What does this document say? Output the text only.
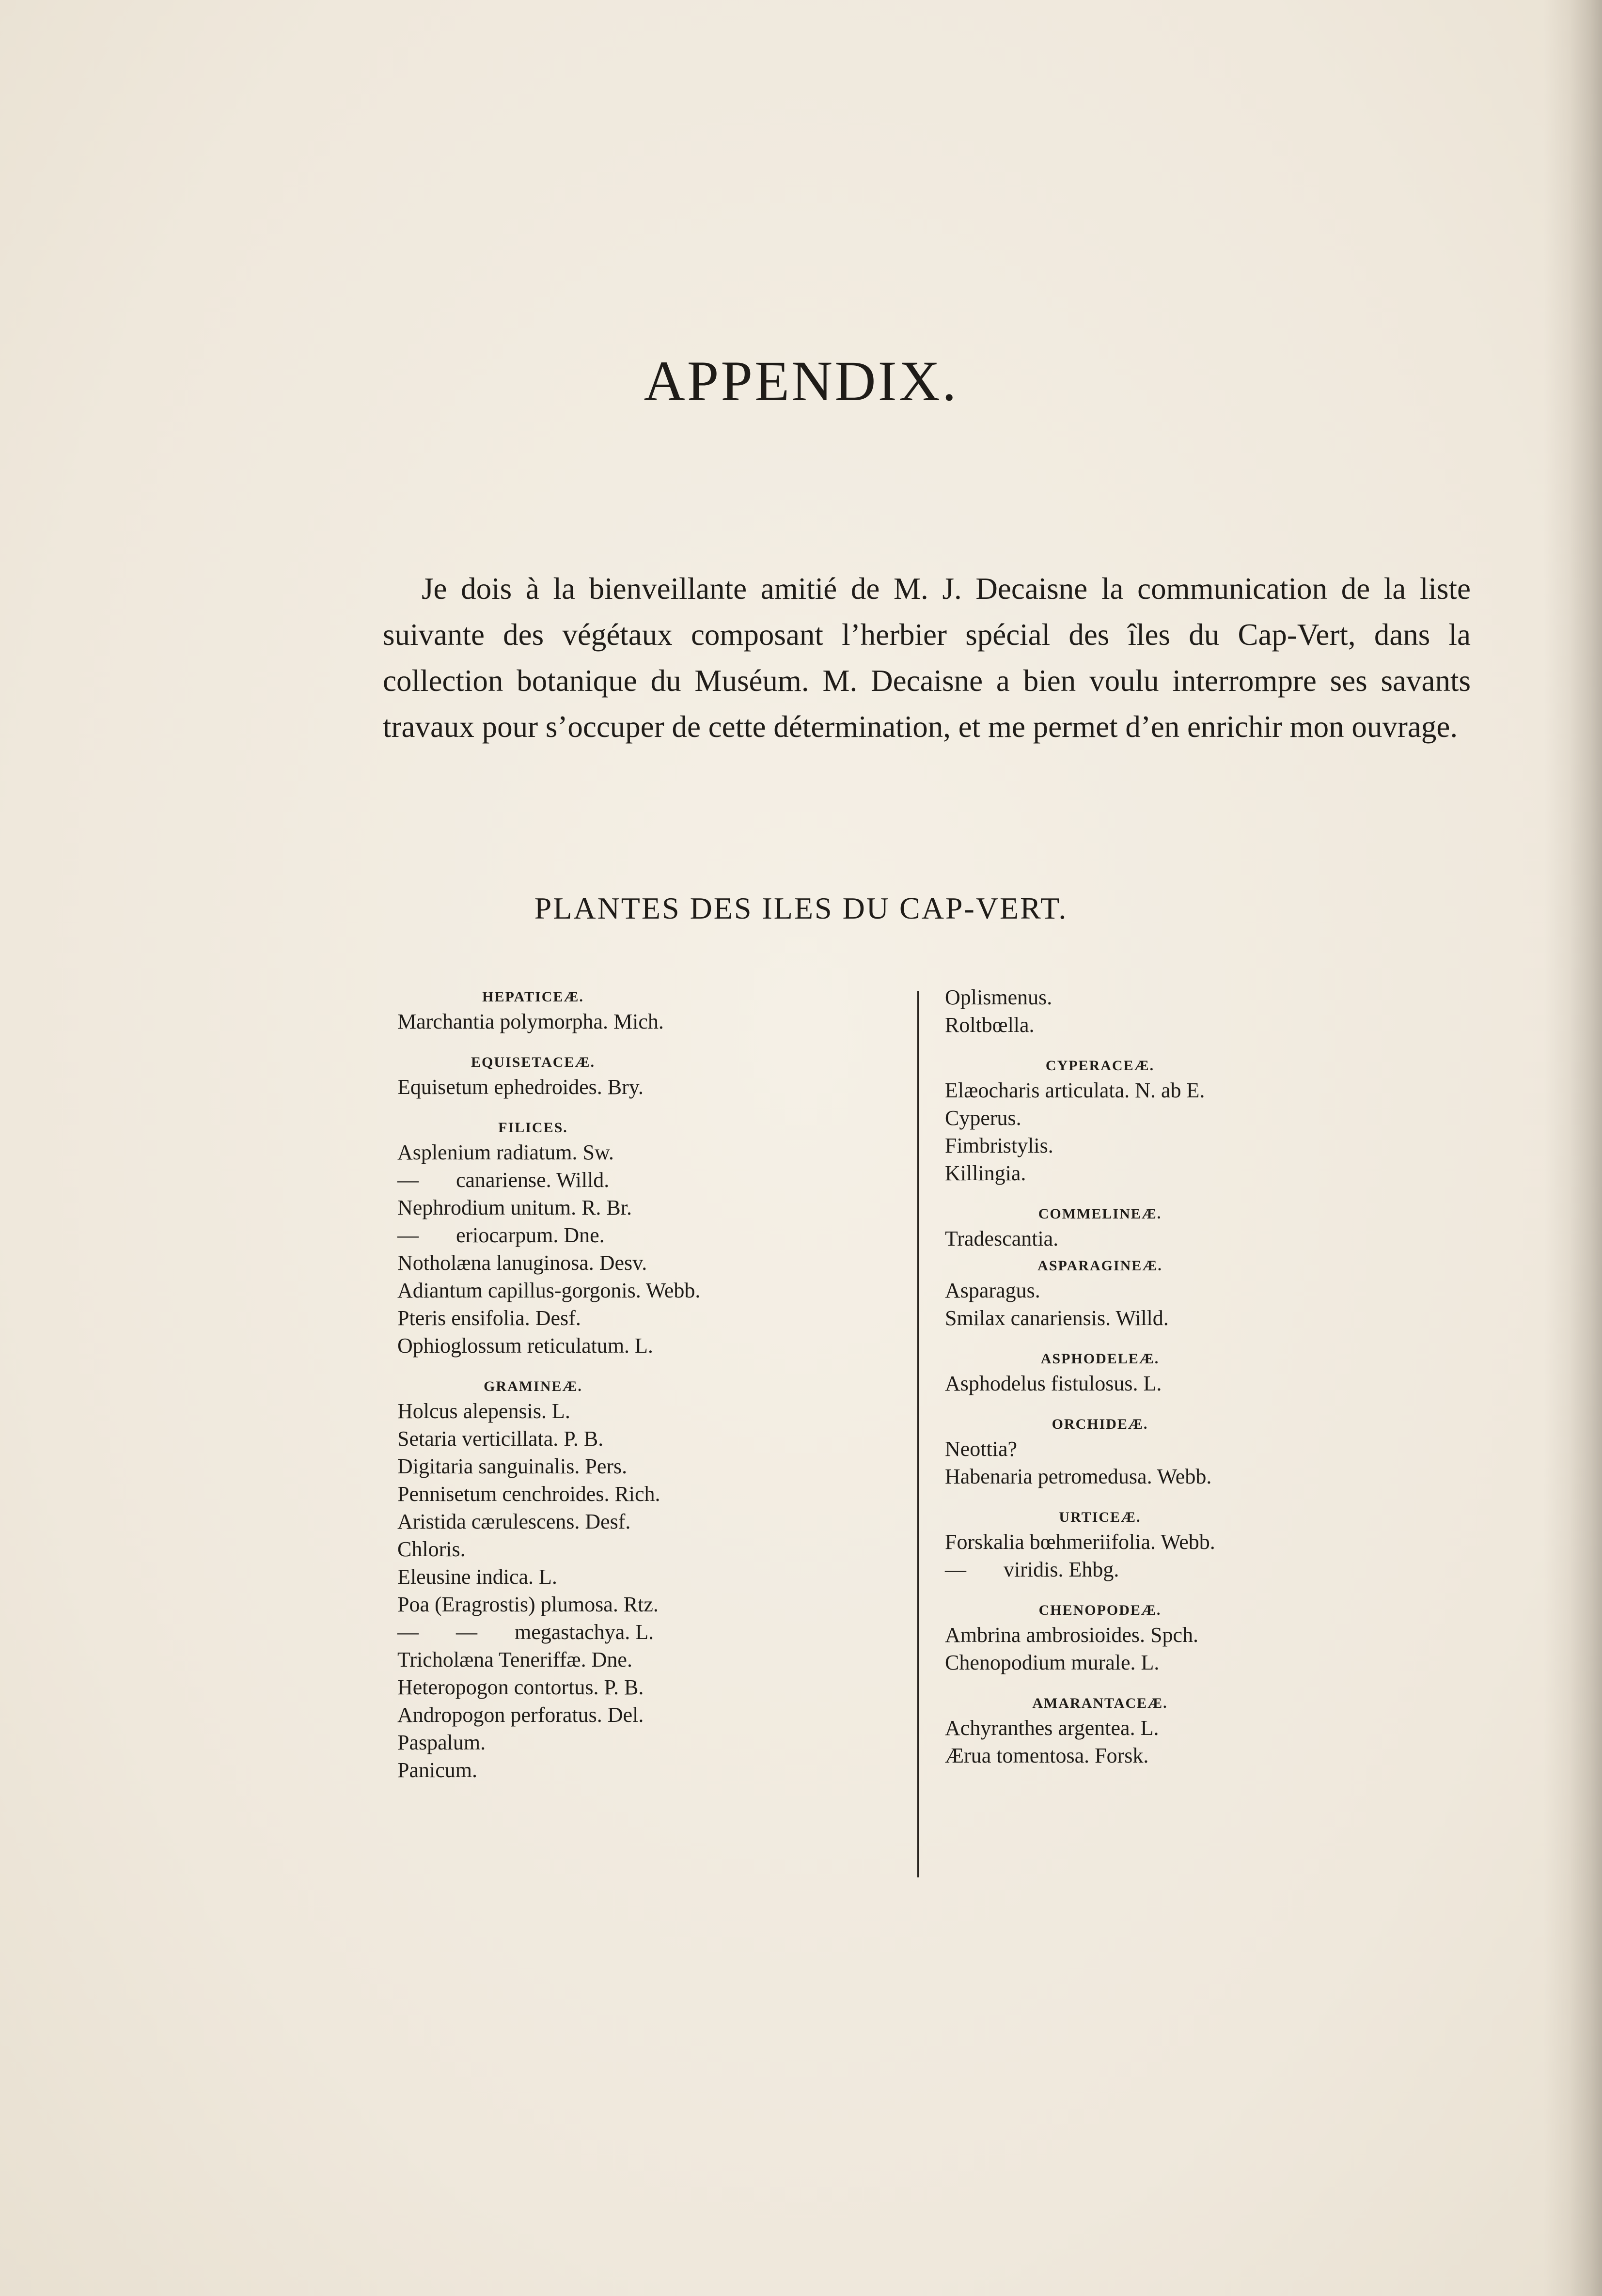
APPENDIX.

Je dois à la bienveillante amitié de M. J. Decaisne la communication de la liste suivante des végétaux composant l’herbier spécial des îles du Cap-Vert, dans la collection botanique du Muséum. M. Decaisne a bien voulu interrompre ses savants travaux pour s’occuper de cette détermination, et me permet d’en enrichir mon ouvrage.

PLANTES DES ILES DU CAP-VERT.
HEPATICEÆ.
Marchantia polymorpha. Mich.
EQUISETACEÆ.
Equisetum ephedroides. Bry.
FILICES.
Asplenium radiatum. Sw.
—       canariense. Willd.
Nephrodium unitum. R. Br.
—       eriocarpum. Dne.
Notholæna lanuginosa. Desv.
Adiantum capillus-gorgonis. Webb.
Pteris ensifolia. Desf.
Ophioglossum reticulatum. L.
GRAMINEÆ.
Holcus alepensis. L.
Setaria verticillata. P. B.
Digitaria sanguinalis. Pers.
Pennisetum cenchroides. Rich.
Aristida cærulescens. Desf.
Chloris.
Eleusine indica. L.
Poa (Eragrostis) plumosa. Rtz.
—       —       megastachya. L.
Tricholæna Teneriffæ. Dne.
Heteropogon contortus. P. B.
Andropogon perforatus. Del.
Paspalum.
Panicum.
Oplismenus.
Roltbœlla.
CYPERACEÆ.
Elæocharis articulata. N. ab E.
Cyperus.
Fimbristylis.
Killingia.
COMMELINEÆ.
Tradescantia.
ASPARAGINEÆ.
Asparagus.
Smilax canariensis. Willd.
ASPHODELEÆ.
Asphodelus fistulosus. L.
ORCHIDEÆ.
Neottia?
Habenaria petromedusa. Webb.
URTICEÆ.
Forskalia bœhmeriifolia. Webb.
—       viridis. Ehbg.
CHENOPODEÆ.
Ambrina ambrosioides. Spch.
Chenopodium murale. L.
AMARANTACEÆ.
Achyranthes argentea. L.
Ærua tomentosa. Forsk.
